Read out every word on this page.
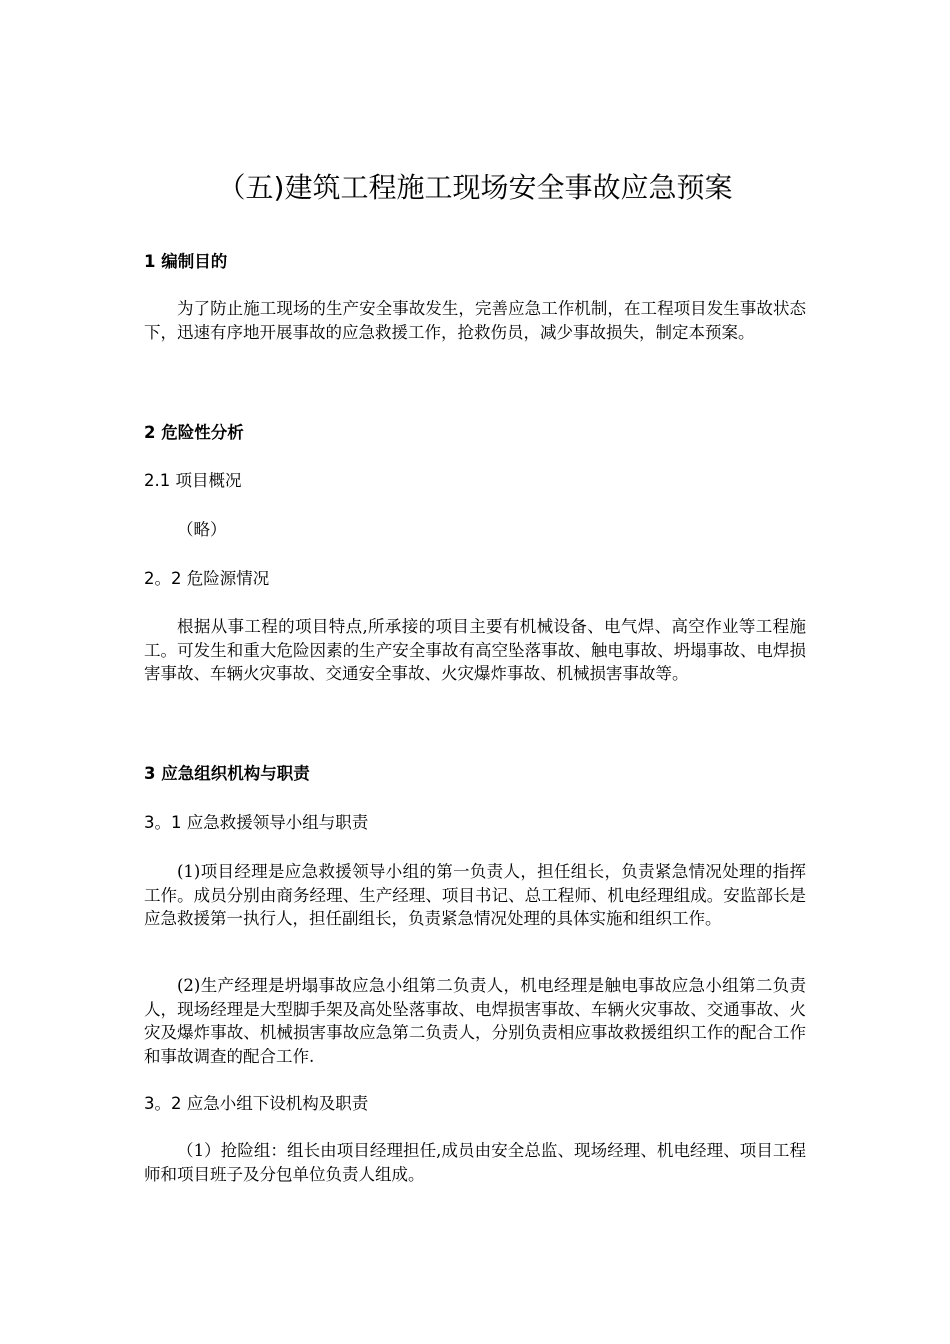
（五)建筑工程施工现场安全事故应急预案
1 编制目的

为了防止施工现场的生产安全事故发生，完善应急工作机制，在工程项目发生事故状态下，迅速有序地开展事故的应急救援工作，抢救伤员，减少事故损失，制定本预案。

2 危险性分析
2.1 项目概况

（略）

2。2 危险源情况

根据从事工程的项目特点,所承接的项目主要有机械设备、电气焊、高空作业等工程施工。可发生和重大危险因素的生产安全事故有高空坠落事故、触电事故、坍塌事故、电焊损害事故、车辆火灾事故、交通安全事故、火灾爆炸事故、机械损害事故等。

3 应急组织机构与职责
3。1 应急救援领导小组与职责

(1)项目经理是应急救援领导小组的第一负责人，担任组长，负责紧急情况处理的指挥工作。成员分别由商务经理、生产经理、项目书记、总工程师、机电经理组成。安监部长是应急救援第一执行人，担任副组长，负责紧急情况处理的具体实施和组织工作。

(2)生产经理是坍塌事故应急小组第二负责人，机电经理是触电事故应急小组第二负责人，现场经理是大型脚手架及高处坠落事故、电焊损害事故、车辆火灾事故、交通事故、火灾及爆炸事故、机械损害事故应急第二负责人，分别负责相应事故救援组织工作的配合工作和事故调查的配合工作.

3。2 应急小组下设机构及职责

（1）抢险组：组长由项目经理担任,成员由安全总监、现场经理、机电经理、项目工程师和项目班子及分包单位负责人组成。
